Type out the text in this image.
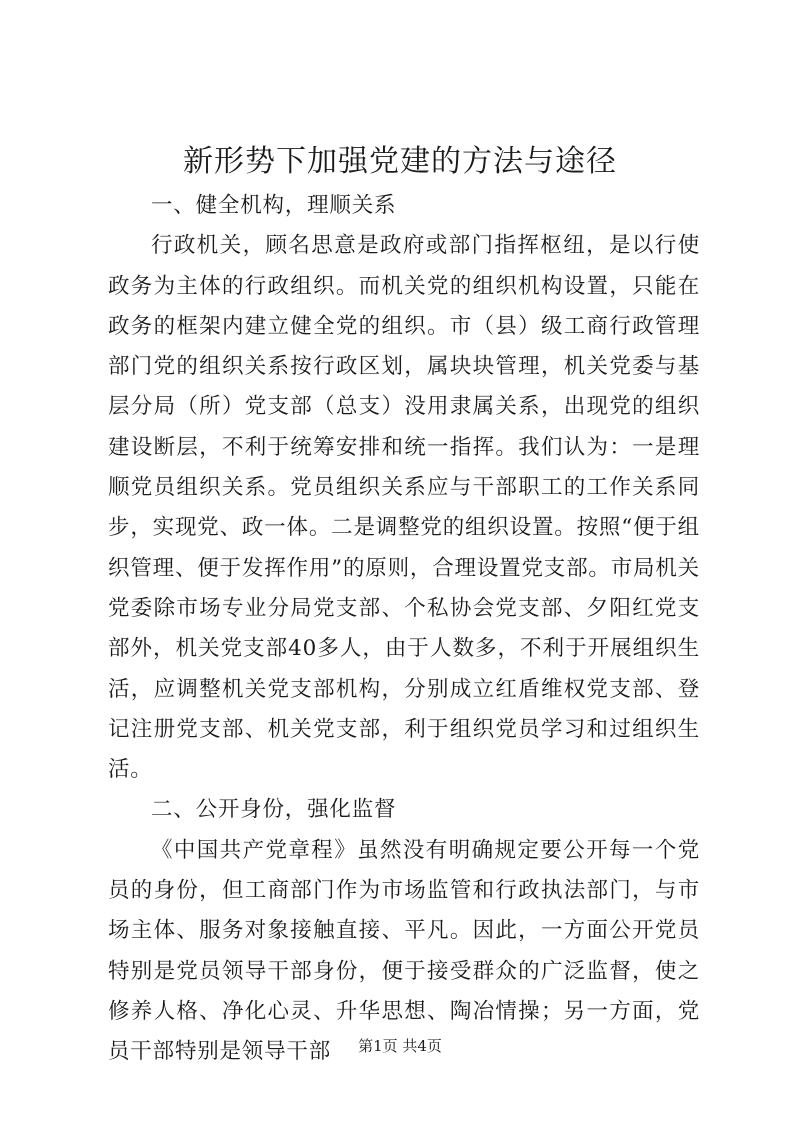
新形势下加强党建的方法与途径

一、健全机构，理顺关系

行政机关，顾名思意是政府或部门指挥枢纽，是以行使政务为主体的行政组织。而机关党的组织机构设置，只能在政务的框架内建立健全党的组织。市（县）级工商行政管理部门党的组织关系按行政区划，属块块管理，机关党委与基层分局（所）党支部（总支）没用隶属关系，出现党的组织建设断层，不利于统筹安排和统一指挥。我们认为：一是理顺党员组织关系。党员组织关系应与干部职工的工作关系同步，实现党、政一体。二是调整党的组织设置。按照“便于组织管理、便于发挥作用”的原则，合理设置党支部。市局机关党委除市场专业分局党支部、个私协会党支部、夕阳红党支部外，机关党支部40多人，由于人数多，不利于开展组织生活，应调整机关党支部机构，分别成立红盾维权党支部、登记注册党支部、机关党支部，利于组织党员学习和过组织生活。

二、公开身份，强化监督

《中国共产党章程》虽然没有明确规定要公开每一个党员的身份，但工商部门作为市场监管和行政执法部门，与市场主体、服务对象接触直接、平凡。因此，一方面公开党员特别是党员领导干部身份，便于接受群众的广泛监督，使之修养人格、净化心灵、升华思想、陶冶情操；另一方面，党员干部特别是领导干部	第1页 共4页
